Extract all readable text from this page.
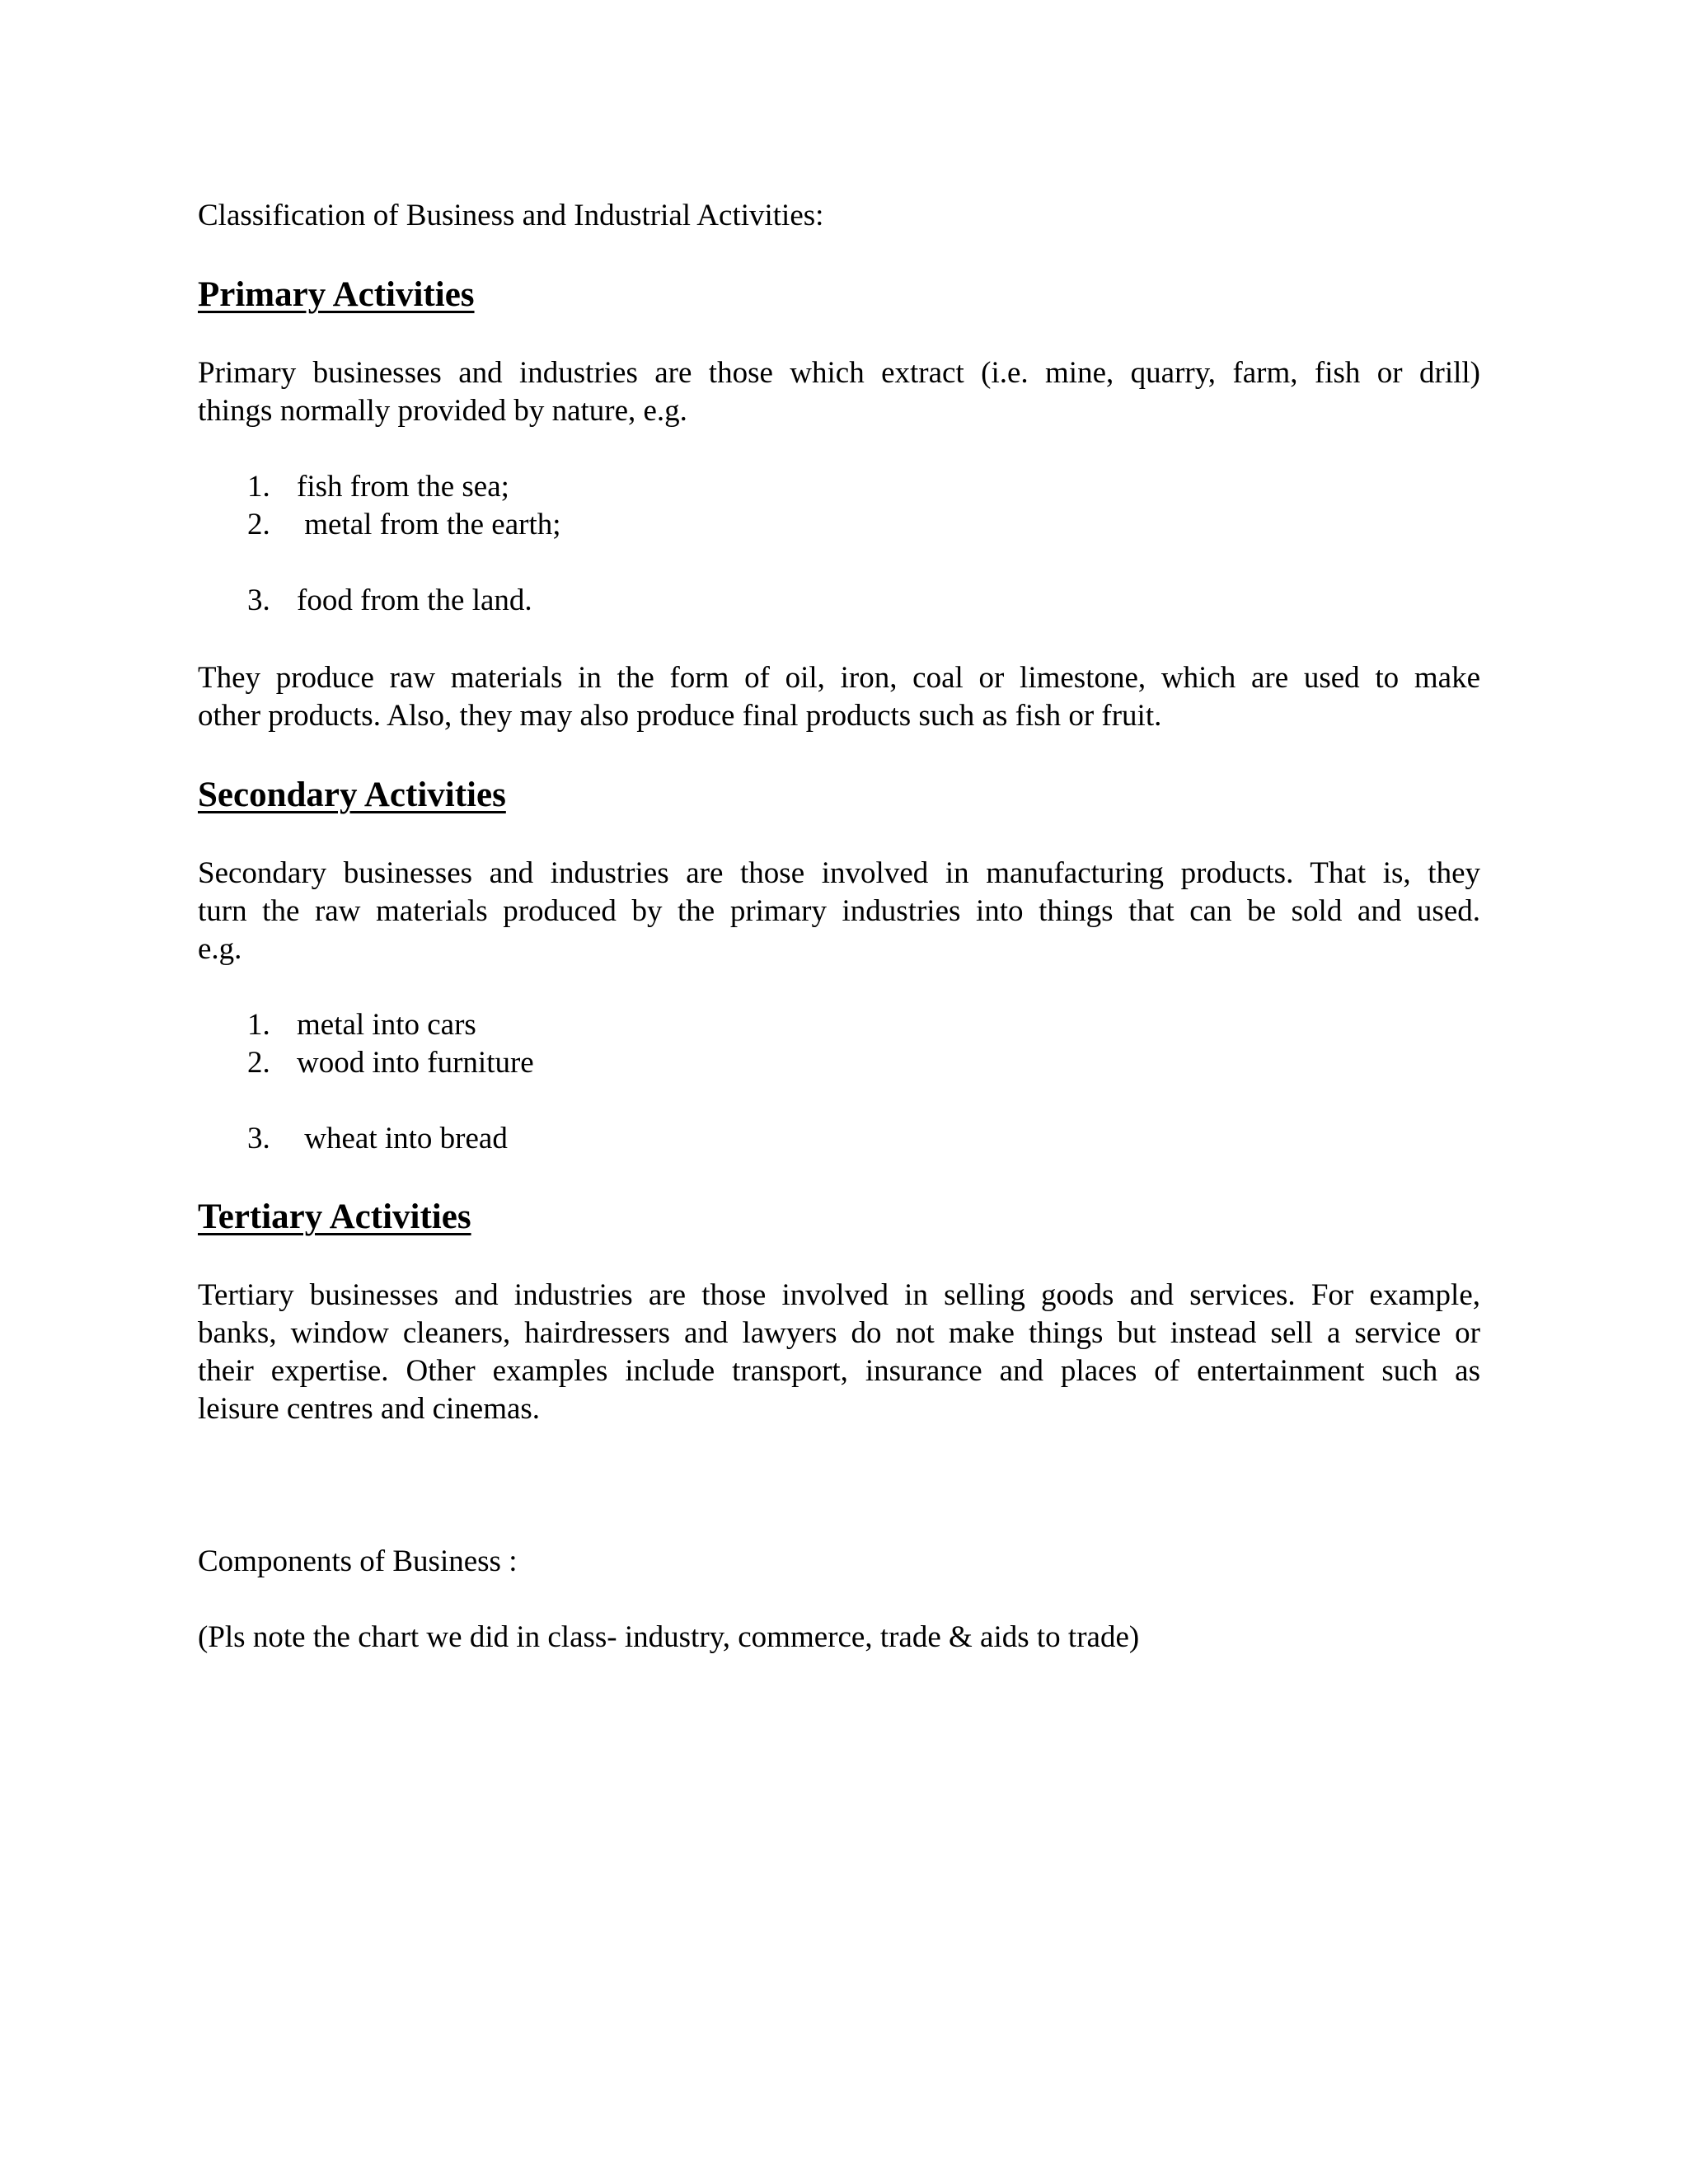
Classification of Business and Industrial Activities:
Primary Activities
Primary businesses and industries are those which extract (i.e. mine, quarry, farm, fish or drill)
things normally provided by nature, e.g.
1. fish from the sea;
2. metal from the earth;
3. food from the land.
They produce raw materials in the form of oil, iron, coal or limestone, which are used to make
other products. Also, they may also produce final products such as fish or fruit.
Secondary Activities
Secondary businesses and industries are those involved in manufacturing products. That is, they
turn the raw materials produced by the primary industries into things that can be sold and used.
e.g.
1. metal into cars
2. wood into furniture
3. wheat into bread
Tertiary Activities
Tertiary businesses and industries are those involved in selling goods and services. For example,
banks, window cleaners, hairdressers and lawyers do not make things but instead sell a service or
their expertise. Other examples include transport, insurance and places of entertainment such as
leisure centres and cinemas.
Components of Business :
(Pls note the chart we did in class- industry, commerce, trade & aids to trade)
